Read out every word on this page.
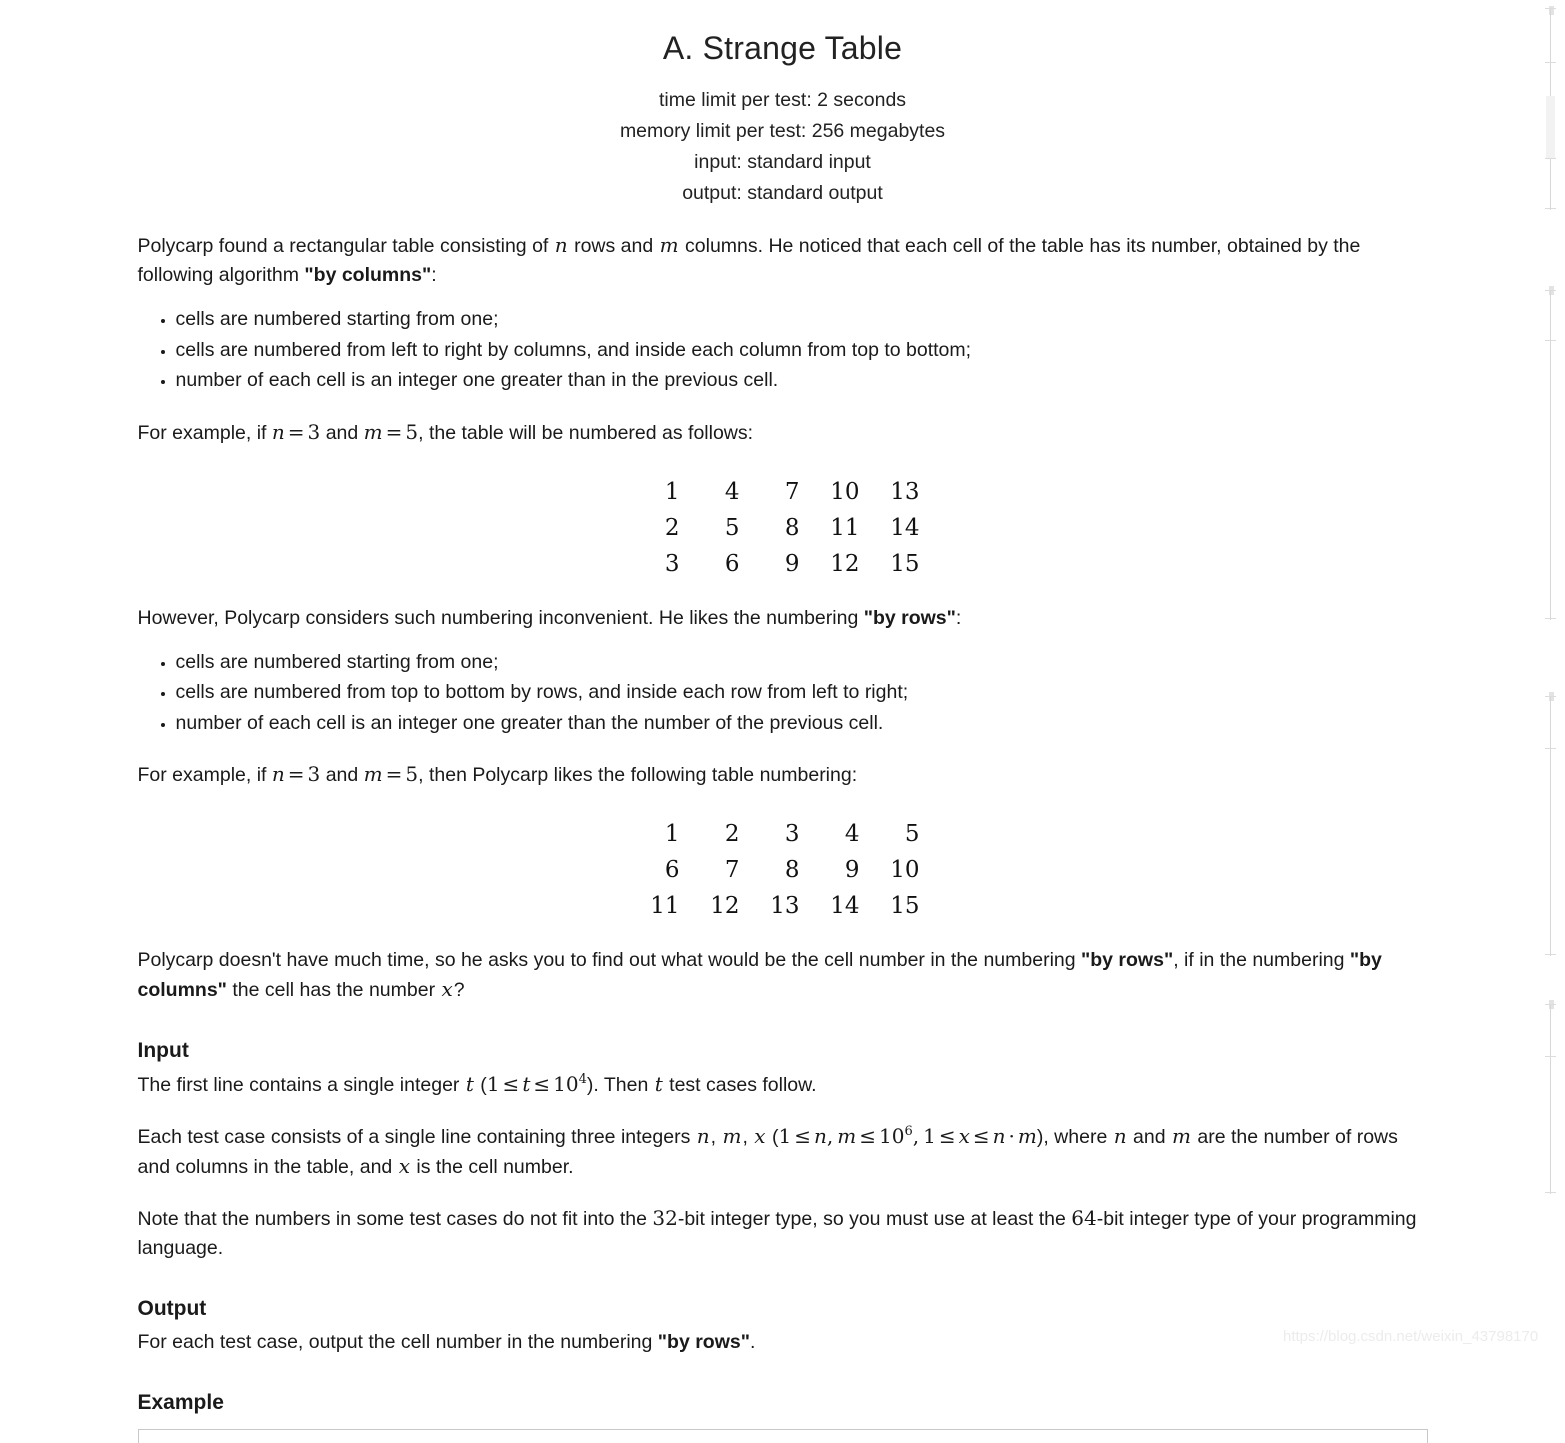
A. Strange Table
time limit per test: 2 seconds
memory limit per test: 256 megabytes
input: standard input
output: standard output

Polycarp found a rectangular table consisting of n rows and m columns. He noticed that each cell of the table has its number, obtained by the following algorithm "by columns":

• cells are numbered starting from one;
• cells are numbered from left to right by columns, and inside each column from top to bottom;
• number of each cell is an integer one greater than in the previous cell.

For example, if n = 3 and m = 5, the table will be numbered as follows:

1	4	7	10	13
2	5	8	11	14
3	6	9	12	15

However, Polycarp considers such numbering inconvenient. He likes the numbering "by rows":

• cells are numbered starting from one;
• cells are numbered from top to bottom by rows, and inside each row from left to right;
• number of each cell is an integer one greater than the number of the previous cell.

For example, if n = 3 and m = 5, then Polycarp likes the following table numbering:

1	2	3	4	5
6	7	8	9	10
11	12	13	14	15

Polycarp doesn't have much time, so he asks you to find out what would be the cell number in the numbering "by rows", if in the numbering "by columns" the cell has the number x?

Input

The first line contains a single integer t $(1 \le t \le 10^4)$. Then t test cases follow.

Each test case consists of a single line containing three integers n, m, x (1 ≤ n, $m \le 10^6$, 1 ≤ x ≤ n · m), where n and m are the number of rows and columns in the table, and x is the cell number.

Note that the numbers in some test cases do not fit into the 32-bit integer type, so you must use at least the 64-bit integer type of your programming language.

Output

For each test case, output the cell number in the numbering "by rows".

Example
https://blog.csdn.net/weixin_43798170
